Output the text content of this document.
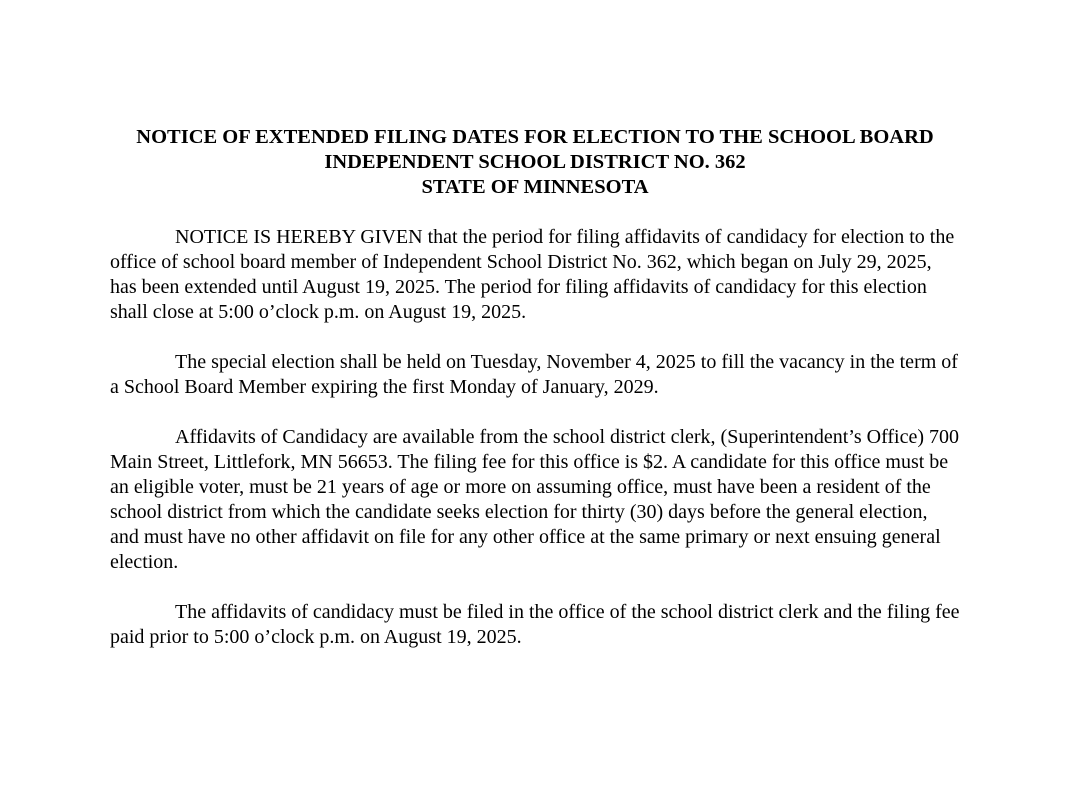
NOTICE OF EXTENDED FILING DATES FOR ELECTION TO THE SCHOOL BOARD
INDEPENDENT SCHOOL DISTRICT NO. 362
STATE OF MINNESOTA

NOTICE IS HEREBY GIVEN that the period for filing affidavits of candidacy for election to the office of school board member of Independent School District No. 362, which began on July 29, 2025, has been extended until August 19, 2025. The period for filing affidavits of candidacy for this election shall close at 5:00 o’clock p.m. on August 19, 2025.

The special election shall be held on Tuesday, November 4, 2025 to fill the vacancy in the term of a School Board Member expiring the first Monday of January, 2029.

Affidavits of Candidacy are available from the school district clerk, (Superintendent’s Office) 700 Main Street, Littlefork, MN 56653. The filing fee for this office is $2. A candidate for this office must be an eligible voter, must be 21 years of age or more on assuming office, must have been a resident of the school district from which the candidate seeks election for thirty (30) days before the general election, and must have no other affidavit on file for any other office at the same primary or next ensuing general election.

The affidavits of candidacy must be filed in the office of the school district clerk and the filing fee paid prior to 5:00 o’clock p.m. on August 19, 2025.
